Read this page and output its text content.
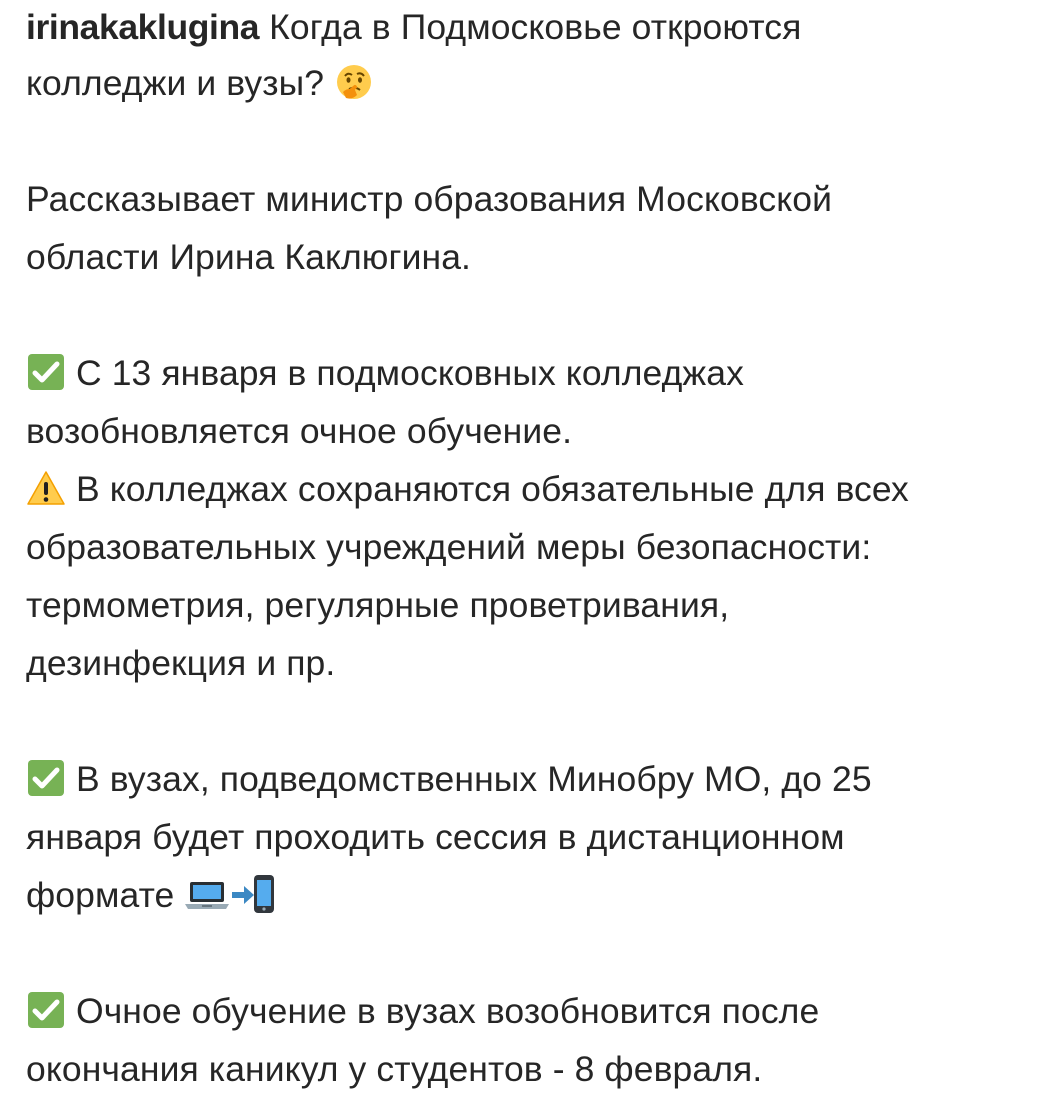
irinakaklugina Когда в Подмосковье откроются
колледжи и вузы?
Рассказывает министр образования Московской
области Ирина Каклюгина.
С 13 января в подмосковных колледжах
возобновляется очное обучение.
В колледжах сохраняются обязательные для всех
образовательных учреждений меры безопасности:
термометрия, регулярные проветривания,
дезинфекция и пр.
В вузах, подведомственных Минобру МО, до 25
января будет проходить сессия в дистанционном
формате
Очное обучение в вузах возобновится после
окончания каникул у студентов - 8 февраля.
